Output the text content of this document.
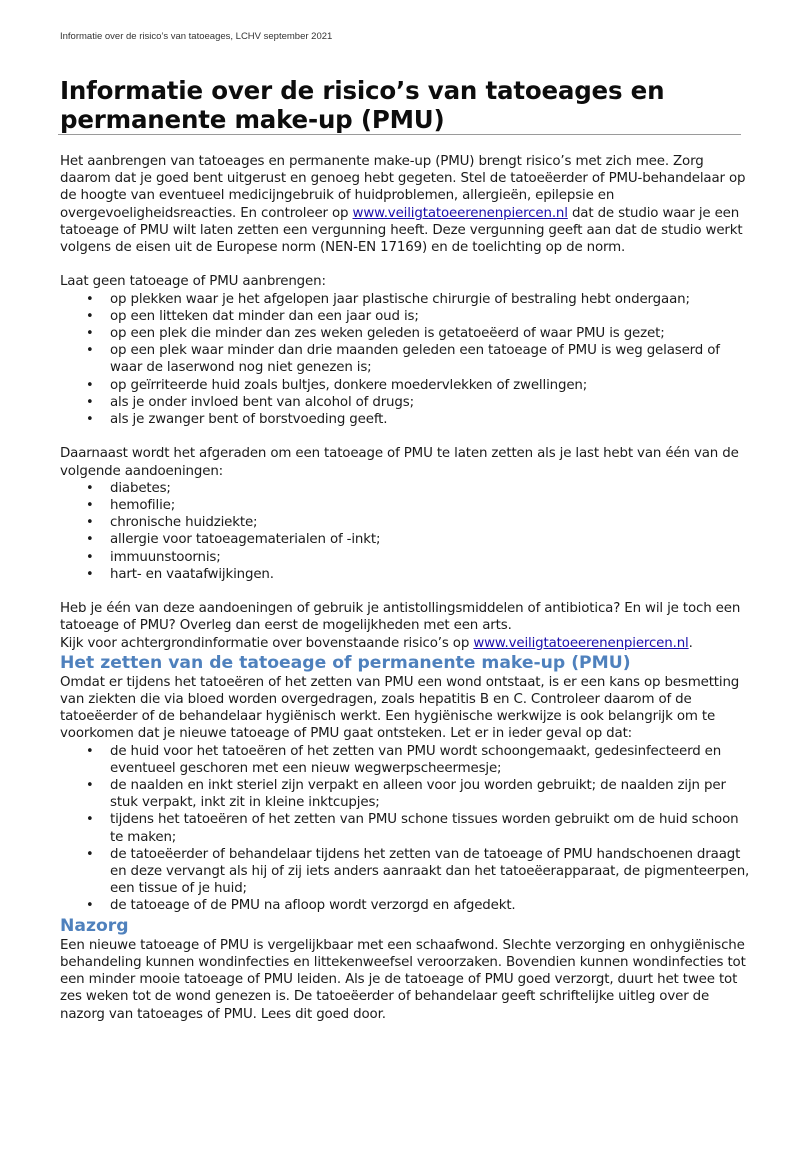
Informatie over de risico’s van tatoeages, LCHV september 2021
Informatie over de risico’s van tatoeages en permanente make-up (PMU)

Het aanbrengen van tatoeages en permanente make-up (PMU) brengt risico’s met zich mee. Zorg daarom dat je goed bent uitgerust en genoeg hebt gegeten. Stel de tatoeëerder of PMU-behandelaar op de hoogte van eventueel medicijngebruik of huidproblemen, allergieën, epilepsie en overgevoeligheidsreacties. En controleer op www.veiligtatoeerenenpiercen.nl dat de studio waar je een tatoeage of PMU wilt laten zetten een vergunning heeft. Deze vergunning geeft aan dat de studio werkt volgens de eisen uit de Europese norm (NEN-EN 17169) en de toelichting op de norm.

Laat geen tatoeage of PMU aanbrengen:

• op plekken waar je het afgelopen jaar plastische chirurgie of bestraling hebt ondergaan;
• op een litteken dat minder dan een jaar oud is;
• op een plek die minder dan zes weken geleden is getatoeëerd of waar PMU is gezet;
• op een plek waar minder dan drie maanden geleden een tatoeage of PMU is weg gelaserd of waar de laserwond nog niet genezen is;
• op geïrriteerde huid zoals bultjes, donkere moedervlekken of zwellingen;
• als je onder invloed bent van alcohol of drugs;
• als je zwanger bent of borstvoeding geeft.

Daarnaast wordt het afgeraden om een tatoeage of PMU te laten zetten als je last hebt van één van de volgende aandoeningen:

• diabetes;
• hemofilie;
• chronische huidziekte;
• allergie voor tatoeagematerialen of -inkt;
• immuunstoornis;
• hart- en vaatafwijkingen.

Heb je één van deze aandoeningen of gebruik je antistollingsmiddelen of antibiotica? En wil je toch een tatoeage of PMU? Overleg dan eerst de mogelijkheden met een arts.

Kijk voor achtergrondinformatie over bovenstaande risico’s op www.veiligtatoeerenenpiercen.nl.

Het zetten van de tatoeage of permanente make-up (PMU)

Omdat er tijdens het tatoeëren of het zetten van PMU een wond ontstaat, is er een kans op besmetting van ziekten die via bloed worden overgedragen, zoals hepatitis B en C. Controleer daarom of de tatoeëerder of de behandelaar hygiënisch werkt. Een hygiënische werkwijze is ook belangrijk om te voorkomen dat je nieuwe tatoeage of PMU gaat ontsteken. Let er in ieder geval op dat:

• de huid voor het tatoeëren of het zetten van PMU wordt schoongemaakt, gedesinfecteerd en eventueel geschoren met een nieuw wegwerpscheermesje;
• de naalden en inkt steriel zijn verpakt en alleen voor jou worden gebruikt; de naalden zijn per stuk verpakt, inkt zit in kleine inktcupjes;
• tijdens het tatoeëren of het zetten van PMU schone tissues worden gebruikt om de huid schoon te maken;
• de tatoeëerder of behandelaar tijdens het zetten van de tatoeage of PMU handschoenen draagt en deze vervangt als hij of zij iets anders aanraakt dan het tatoeëerapparaat, de pigmenteerpen, een tissue of je huid;
• de tatoeage of de PMU na afloop wordt verzorgd en afgedekt.
Nazorg

Een nieuwe tatoeage of PMU is vergelijkbaar met een schaafwond. Slechte verzorging en onhygiënische behandeling kunnen wondinfecties en littekenweefsel veroorzaken. Bovendien kunnen wondinfecties tot een minder mooie tatoeage of PMU leiden. Als je de tatoeage of PMU goed verzorgt, duurt het twee tot zes weken tot de wond genezen is. De tatoeëerder of behandelaar geeft schriftelijke uitleg over de nazorg van tatoeages of PMU. Lees dit goed door.
